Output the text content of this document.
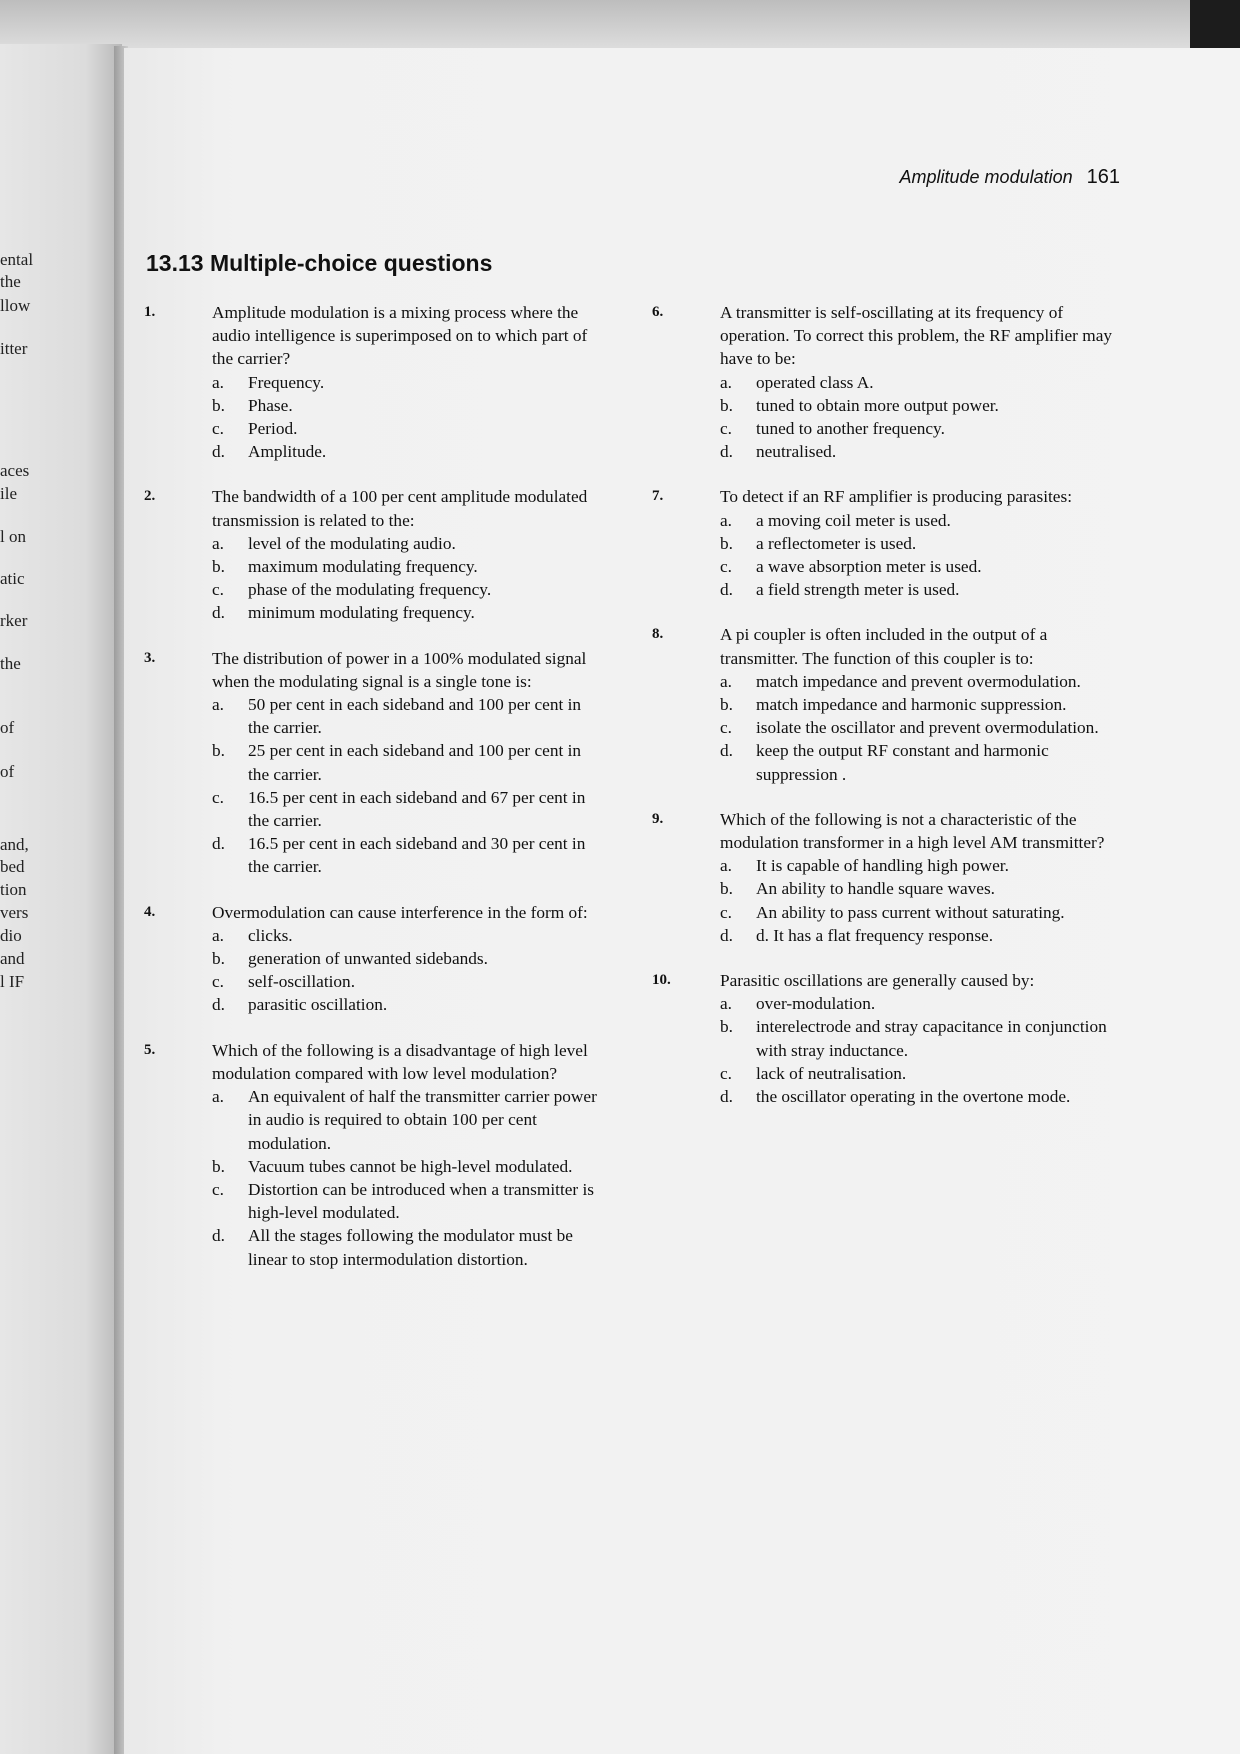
ental
the
llow
itter
aces
ile
l on
atic
rker
the
of
of
and,
bed
tion
vers
dio
and
l IF
Amplitude modulation 161
13.13 Multiple-choice questions
1.	Amplitude modulation is a mixing process where the audio intelligence is superimposed on to which part of the carrier?

a. Frequency.
b. Phase.
c. Period.
d. Amplitude.
2.	The bandwidth of a 100 per cent amplitude modulated transmission is related to the:

a. level of the modulating audio.
b. maximum modulating frequency.
c. phase of the modulating frequency.
d. minimum modulating frequency.
3.	The distribution of power in a 100% modulated signal when the modulating signal is a single tone is:

a. 50 per cent in each sideband and 100 per cent in the carrier.
b. 25 per cent in each sideband and 100 per cent in the carrier.
c. 16.5 per cent in each sideband and 67 per cent in the carrier.
d. 16.5 per cent in each sideband and 30 per cent in the carrier.
4.	Overmodulation can cause interference in the form of:

a. clicks.
b. generation of unwanted sidebands.
c. self-oscillation.
d. parasitic oscillation.
5.	Which of the following is a disadvantage of high level modulation compared with low level modulation?

a. An equivalent of half the transmitter carrier power in audio is required to obtain 100 per cent modulation.
b. Vacuum tubes cannot be high-level modulated.
c. Distortion can be introduced when a transmitter is high-level modulated.
d. All the stages following the modulator must be linear to stop intermodulation distortion.
6.	A transmitter is self-oscillating at its frequency of operation. To correct this problem, the RF amplifier may have to be:

a. operated class A.
b. tuned to obtain more output power.
c. tuned to another frequency.
d. neutralised.
7.	To detect if an RF amplifier is producing parasites:

a. a moving coil meter is used.
b. a reflectometer is used.
c. a wave absorption meter is used.
d. a field strength meter is used.
8.	A pi coupler is often included in the output of a transmitter. The function of this coupler is to:

a. match impedance and prevent overmodulation.
b. match impedance and harmonic suppression.
c. isolate the oscillator and prevent overmodulation.
d. keep the output RF constant and harmonic suppression .
9.	Which of the following is not a characteristic of the modulation transformer in a high level AM transmitter?

a. It is capable of handling high power.
b. An ability to handle square waves.
c. An ability to pass current without saturating.
d. d. It has a flat frequency response.
10.	Parasitic oscillations are generally caused by:

a. over-modulation.
b. interelectrode and stray capacitance in conjunction with stray inductance.
c. lack of neutralisation.
d. the oscillator operating in the overtone mode.
